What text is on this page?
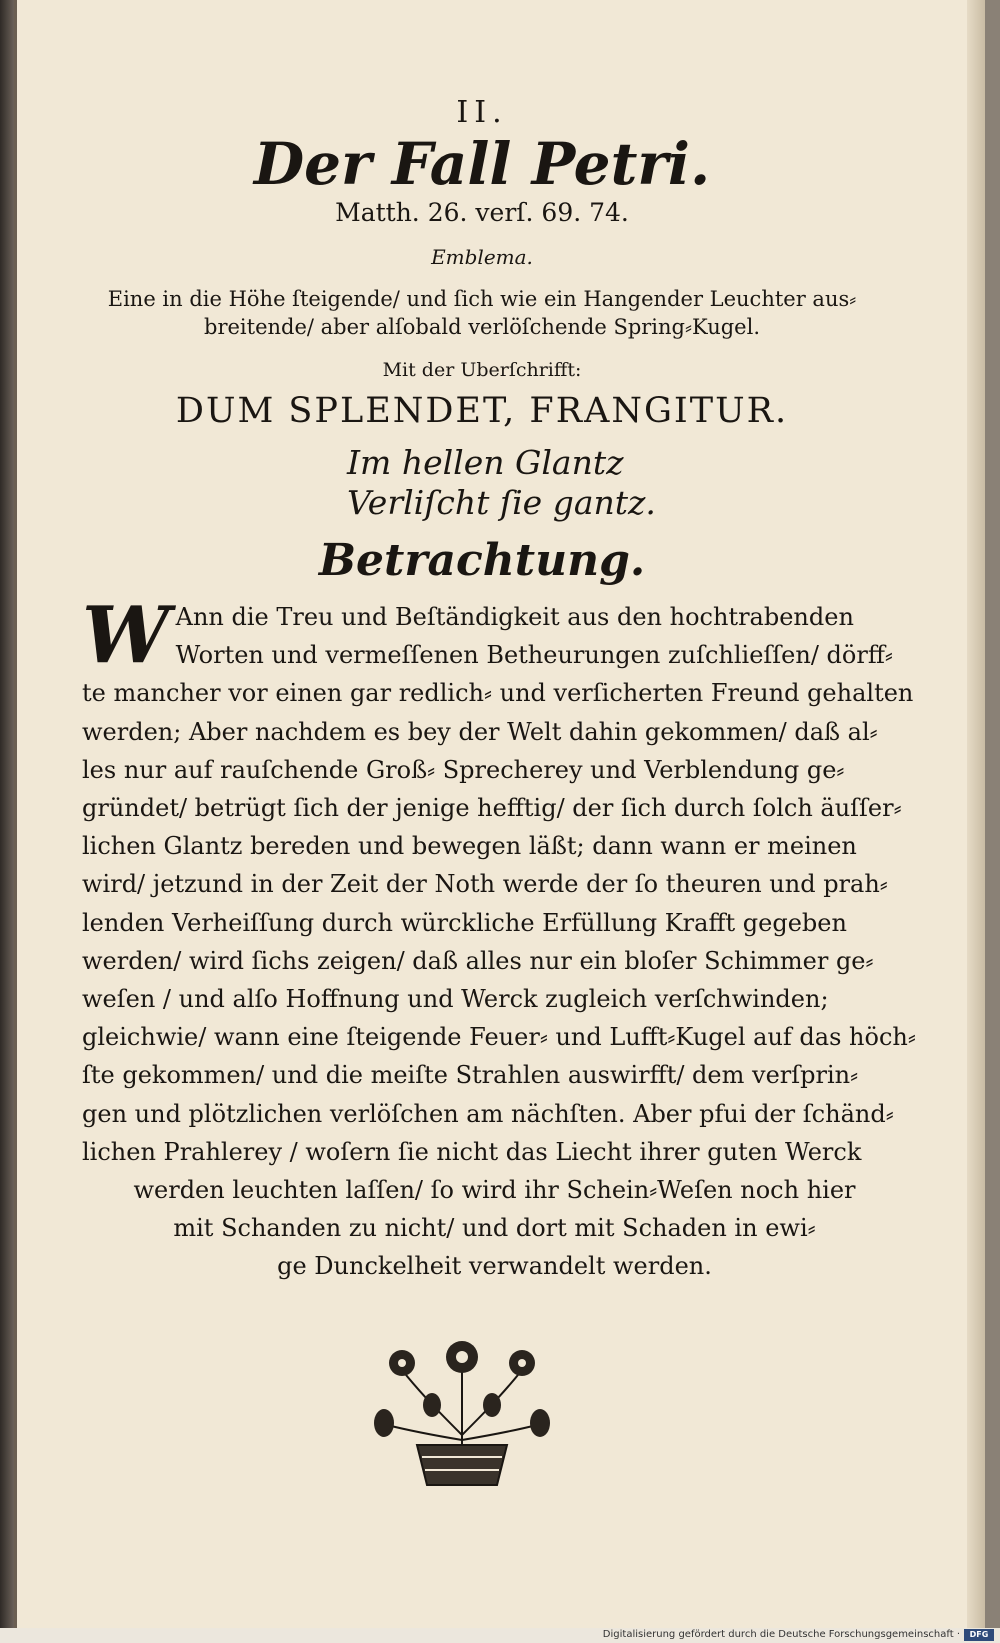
II.
Der Fall Petri.
Matth. 26. verſ. 69. 74.
Emblema.
Eine in die Höhe ſteigende/ und ſich wie ein Hangender Leuchter aus⸗ breitende/ aber alſobald verlöſchende Spring⸗Kugel.
Mit der Uberſchrifft:
DUM SPLENDET, FRANGITUR.
Im hellen Glantz
Verliſcht ſie gantz.
Betrachtung.
W Ann die Treu und Beſtändigkeit aus den hochtrabenden
Worten und vermeſſenen Betheurungen zuſchlieſſen/ dörff⸗
te mancher vor einen gar redlich⸗ und verſicherten Freund gehalten
werden; Aber nachdem es bey der Welt dahin gekommen/ daß al⸗
les nur auf rauſchende Groß⸗ Sprecherey und Verblendung ge⸗
gründet/ betrügt ſich der jenige hefftig/ der ſich durch ſolch äuſſer⸗
lichen Glantz bereden und bewegen läßt; dann wann er meinen
wird/ jetzund in der Zeit der Noth werde der ſo theuren und prah⸗
lenden Verheiſſung durch würckliche Erfüllung Krafft gegeben
werden/ wird ſichs zeigen/ daß alles nur ein bloſer Schimmer ge⸗
weſen / und alſo Hoffnung und Werck zugleich verſchwinden;
gleichwie/ wann eine ſteigende Feuer⸗ und Lufft⸗Kugel auf das höch⸗
ſte gekommen/ und die meiſte Strahlen auswirfft/ dem verſprin⸗
gen und plötzlichen verlöſchen am nächſten. Aber pfui der ſchänd⸗
lichen Prahlerey / woſern ſie nicht das Liecht ihrer guten Werck
werden leuchten laſſen/ ſo wird ihr Schein⸗Weſen noch hier
mit Schanden zu nicht/ und dort mit Schaden in ewi⸗
ge Dunckelheit verwandelt werden.
Digitalisierung gefördert durch die Deutsche Forschungsgemeinschaft ·	DFG
